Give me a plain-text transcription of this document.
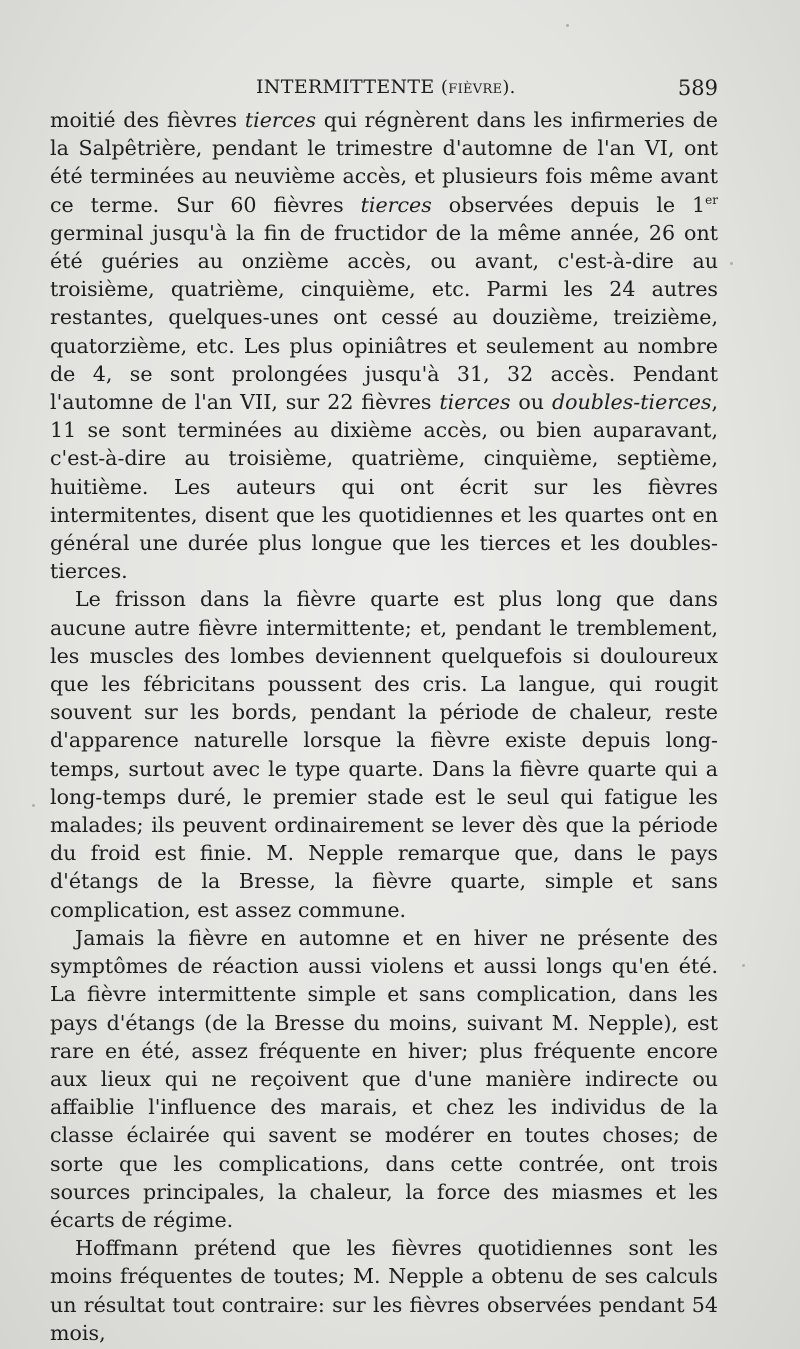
INTERMITTENTE (fièvre).	589

moitié des fièvres tierces qui régnèrent dans les infirmeries de la Salpêtrière, pendant le trimestre d'automne de l'an VI, ont été terminées au neuvième accès, et plusieurs fois même avant ce terme. Sur 60 fièvres tierces observées depuis le 1er germinal jusqu'à la fin de fructidor de la même année, 26 ont été guéries au onzième accès, ou avant, c'est-à-dire au troisième, quatrième, cinquième, etc. Parmi les 24 autres restantes, quelques-unes ont cessé au douzième, treizième, quatorzième, etc. Les plus opiniâtres et seulement au nombre de 4, se sont prolongées jusqu'à 31, 32 accès. Pendant l'automne de l'an VII, sur 22 fièvres tierces ou doubles-tierces, 11 se sont terminées au dixième accès, ou bien auparavant, c'est-à-dire au troisième, quatrième, cinquième, septième, huitième. Les auteurs qui ont écrit sur les fièvres intermitentes, disent que les quotidiennes et les quartes ont en général une durée plus longue que les tierces et les doubles-tierces.

Le frisson dans la fièvre quarte est plus long que dans aucune autre fièvre intermittente; et, pendant le tremblement, les muscles des lombes deviennent quelquefois si douloureux que les fébricitans poussent des cris. La langue, qui rougit souvent sur les bords, pendant la période de chaleur, reste d'apparence naturelle lorsque la fièvre existe depuis long-temps, surtout avec le type quarte. Dans la fièvre quarte qui a long-temps duré, le premier stade est le seul qui fatigue les malades; ils peuvent ordinairement se lever dès que la période du froid est finie. M. Nepple remarque que, dans le pays d'étangs de la Bresse, la fièvre quarte, simple et sans complication, est assez commune.

Jamais la fièvre en automne et en hiver ne présente des symptômes de réaction aussi violens et aussi longs qu'en été. La fièvre intermittente simple et sans complication, dans les pays d'étangs (de la Bresse du moins, suivant M. Nepple), est rare en été, assez fréquente en hiver; plus fréquente encore aux lieux qui ne reçoivent que d'une manière indirecte ou affaiblie l'influence des marais, et chez les individus de la classe éclairée qui savent se modérer en toutes choses; de sorte que les complications, dans cette contrée, ont trois sources principales, la chaleur, la force des miasmes et les écarts de régime.

Hoffmann prétend que les fièvres quotidiennes sont les moins fréquentes de toutes; M. Nepple a obtenu de ses calculs un résultat tout contraire: sur les fièvres observées pendant 54 mois,
